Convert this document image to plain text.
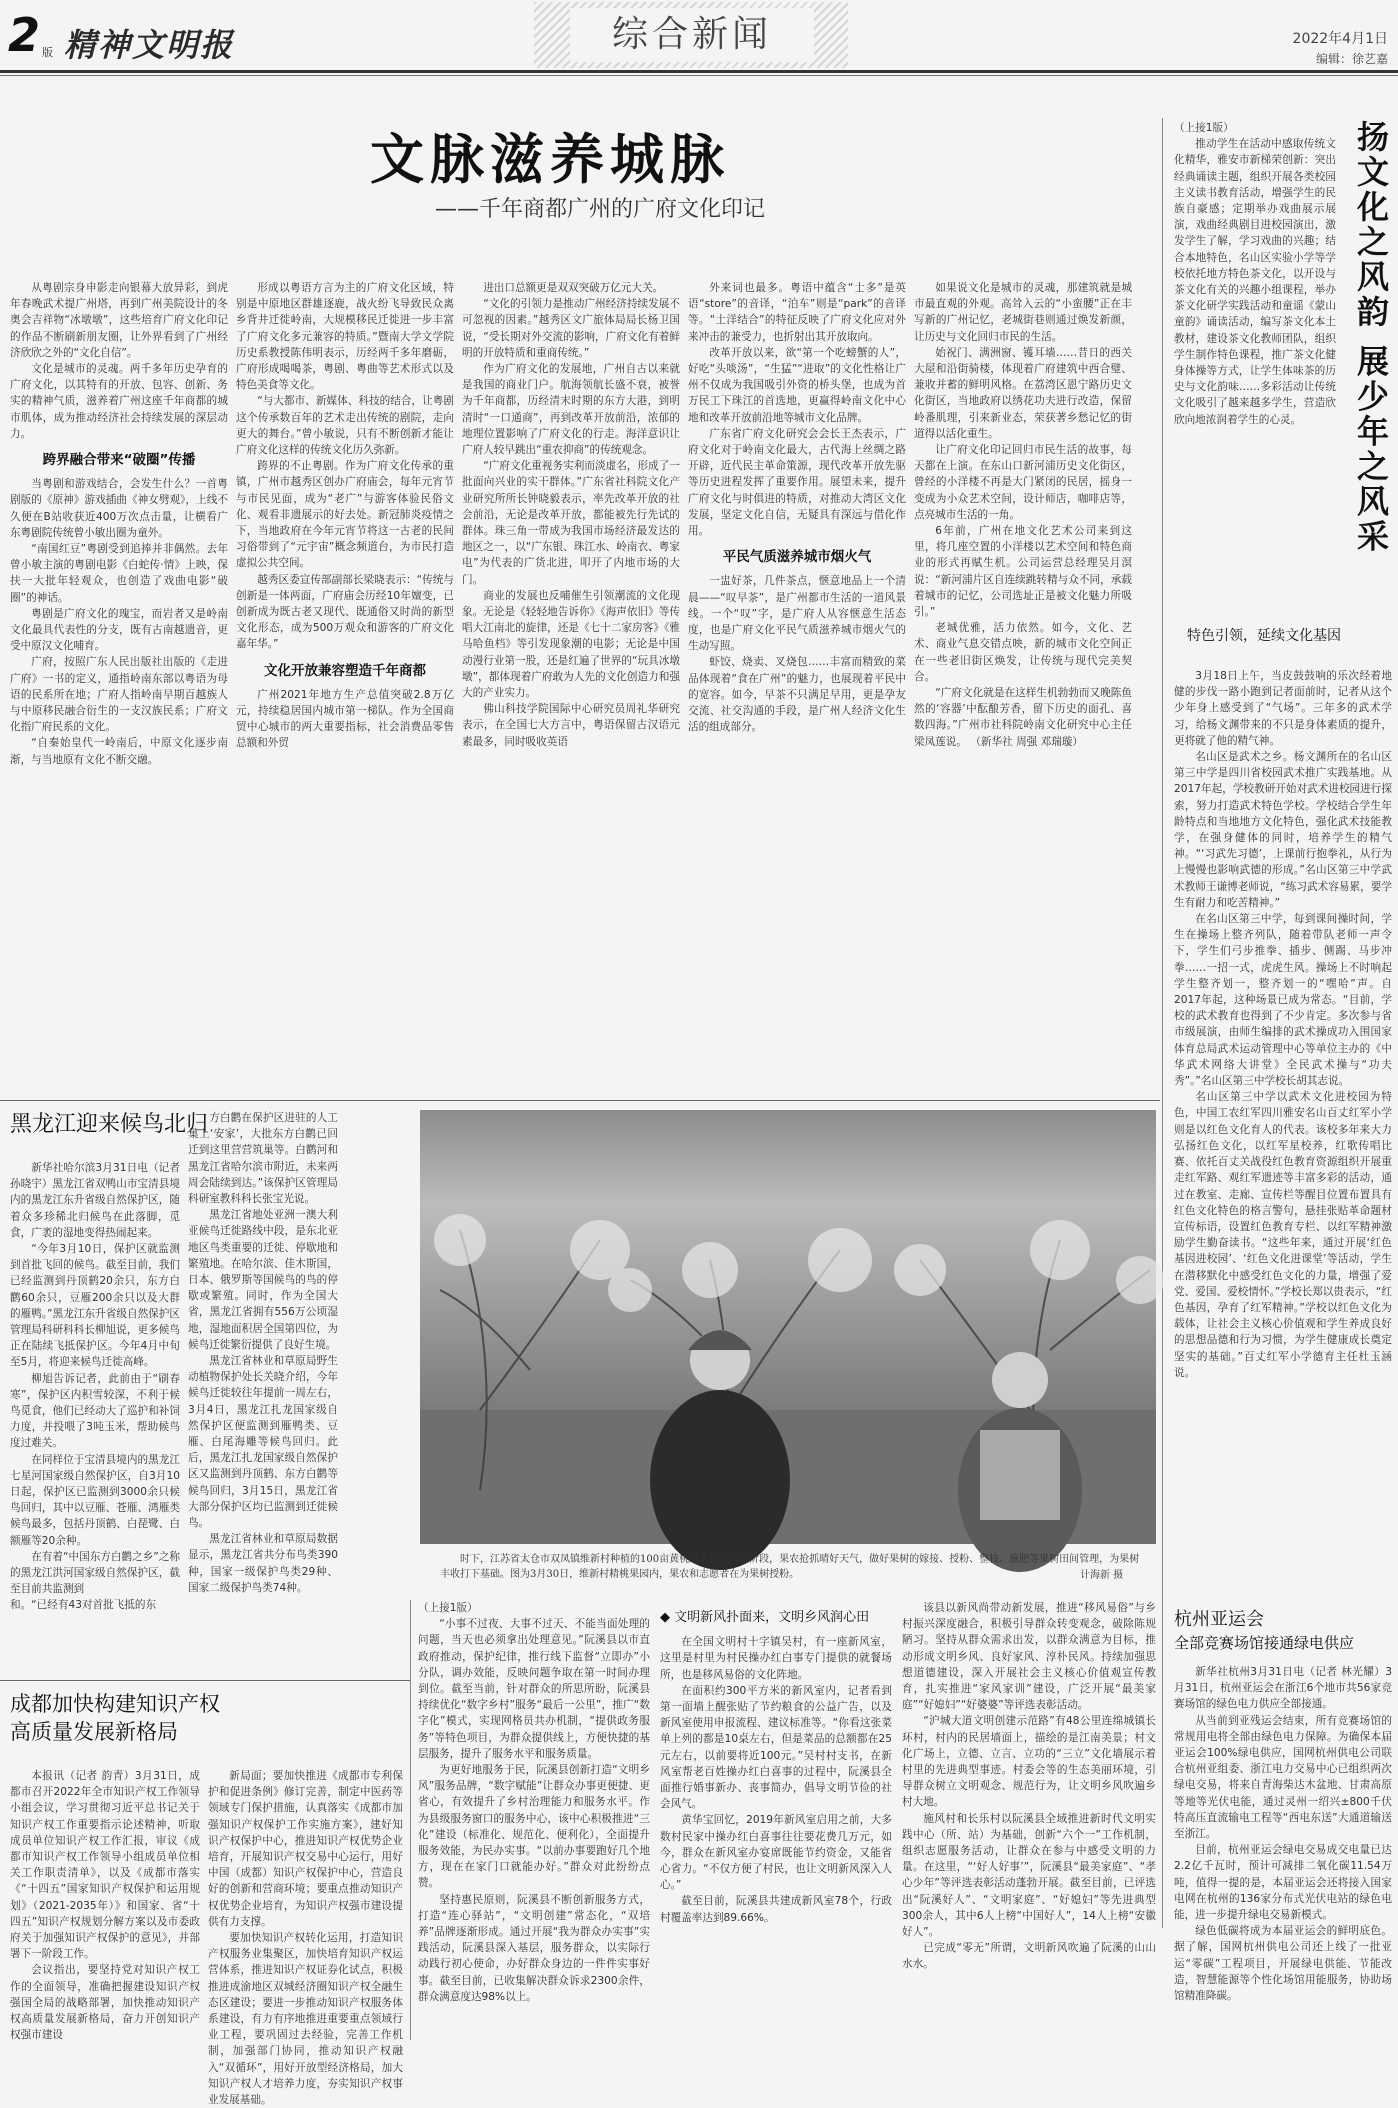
2 版 精神文明报	综合新闻	2022年4月1日
编辑：徐艺嘉
文脉滋养城脉
——千年商都广州的广府文化印记

从粤剧宗身申影走向银幕大放异彩，到虎年春晚武术提广州塔，再到广州美院设计的冬奥会吉祥物“冰墩墩”，这些培育广府文化印记的作品不断刷新朋友圈，让外界看到了广州经济欣欣之外的“文化自信”。

文化是城市的灵魂。两千多年历史孕育的广府文化，以其特有的开放、包容、创新、务实的精神气质，滋养着广州这座千年商都的城市肌体，成为推动经济社会持续发展的深层动力。

跨界融合带来“破圈”传播

当粤剧和游戏结合，会发生什么？一首粤剧版的《原神》游戏插曲《神女劈观》，上线不久便在B站收获近400万次点击量，让横看广东粤剧院传统曾小敏出圈为童外。

“南国红豆”粤剧受到追捧并非偶然。去年曾小敏主演的粤剧电影《白蛇传·情》上映，保扶一大批年轻观众，也创造了戏曲电影“破圈”的神话。

粤剧是广府文化的瑰宝，而岩者又是岭南文化最具代表性的分支，既有古南越遗音，更受中原汉文化哺育。

广府，按照广东人民出版社出版的《走进广府》一书的定义，通指岭南东部以粤语为母语的民系所在地；广府人指岭南早期百越族人与中原移民融合衍生的一支汉族民系；广府文化指广府民系的文化。

“自秦始皇代一岭南后，中原文化逐步南渐，与当地原有文化不断交融。

形成以粤语方言为主的广府文化区域，特别是中原地区群雄逐鹿，战火纷飞导致民众离乡背井迁徙岭南，大规模移民迁徙进一步丰富了广府文化多元兼容的特质。”暨南大学文学院历史系教授陈伟明表示，历经两千多年磨砺，广府形成喝喝茶，粤剧、粤曲等艺术形式以及特色美食等文化。

“与大都市、新媒体、科技的结合，让粤剧这个传承数百年的艺术走出传统的剧院，走向更大的舞台。”曾小敏说，只有不断创新才能让广府文化这样的传统文化历久弥新。

跨界的不止粤剧。作为广府文化传承的重镇，广州市越秀区创办广府庙会，每年元宵节与市民见面，成为“老广”与游客体验民俗文化、观看非遗展示的好去处。新冠肺炎疫情之下，当地政府在今年元宵节将这一古老的民间习俗带到了“元宇宙”概念频道台，为市民打造虚拟公共空间。

越秀区委宣传部副部长梁晓表示：“传统与创新是一体两面，广府庙会历经10年嬗变，已创新成为既古老又现代、既通俗又时尚的新型文化形态，成为500万观众和游客的广府文化嘉年华。”

文化开放兼容塑造千年商都

广州2021年地方生产总值突破2.8万亿元，持续稳居国内城市第一梯队。作为全国商贸中心城市的两大重要指标，社会消费品零售总额和外贸

进出口总额更是双双突破万亿元大关。

“文化的引领力是推动广州经济持续发展不可忽视的因素。”越秀区文广旅体局局长杨卫国说，“受长期对外交流的影响，广府文化有着鲜明的开放特质和重商传统。”

作为广府文化的发展地，广州自古以来就是我国的商业门户。航海领航长盛不衰，被誉为千年商都，历经清末时期的东方大港，到明清时“一口通商”，再到改革开放前沿，浓郁的地理位置影响了广府文化的行走。海洋意识让广府人较早跳出“重农抑商”的传统观念。

“广府文化重视务实利而淡虚名，形成了一批面向兴业的实干群体。”广东省社科院文化产业研究所所长钟晓毅表示，率先改革开放的社会前沿，无论是改革开放，都能被先行先试的群体。珠三角一带成为我国市场经济最发达的地区之一，以“广东银、珠江水、岭南衣、粤家电”为代表的广货北进，叩开了内地市场的大门。

商业的发展也反哺催生引领潮流的文化现象。无论是《轻轻地告诉你》《海声依旧》等传唱大江南北的旋律，还是《七十二家房客》《雅马哈鱼档》等引发现象潮的电影；无论是中国动漫行业第一股，还是红遍了世界的“玩具冰墩墩”，都体现着广府敢为人先的文化创造力和强大的产业实力。

佛山科技学院国际中心研究员周礼华研究表示，在全国七大方言中，粤语保留古汉语元素最多，同时吸收英语

外来词也最多。粤语中蕴含“士多”是英语“store”的音译，“泊车”则是“park”的音译等。“土洋结合”的特征反映了广府文化应对外来冲击的兼受力，也折射出其开放取向。

改革开放以来，欲“第一个吃螃蟹的人”，好吃“头啖汤”，“生猛”“进取”的文化性格让广州不仅成为我国吸引外资的桥头堡，也成为首万民工下珠江的首选地，更赢得岭南文化中心地和改革开放前沿地等城市文化品牌。

广东省广府文化研究会会长王杰表示，广府文化对于岭南文化最大，古代海上丝绸之路开辟，近代民主革命策源，现代改革开放先驱等历史进程发挥了重要作用。展望未来，提升广府文化与时俱进的特质，对推动大湾区文化发展，坚定文化自信，无疑具有深远与借化作用。

平民气质滋养城市烟火气

一盅好茶，几件茶点，惬意地品上一个清晨——“叹早茶”，是广州都市生活的一道风景线。一个“叹”字，是广府人从容惬意生活态度，也是广府文化平民气质滋养城市烟火气的生动写照。

虾饺、烧卖、叉烧包……丰富而精致的菜品体现着“食在广州”的魅力，也展现着平民中的宽容。如今，早茶不只满足早用，更是孕友交流、社交沟通的手段，是广州人经济文化生活的组成部分。

如果说文化是城市的灵魂，那建筑就是城市最直观的外观。高耸入云的“小蛮腰”正在丰写新的广州记忆，老城街巷则通过焕发新颜，让历史与文化回归市民的生活。

始祝门、满洲窗、镬耳墙……昔日的西关大屋和沿街骑楼，体现着广府建筑中西合璧、兼收并蓄的鲜明风格。在荔湾区恩宁路历史文化街区，当地政府以绣花功夫进行改造，保留岭番肌理，引来新业态，荣获著乡愁记忆的街道得以活化重生。

让广府文化印记回归市民生活的故事，每天都在上演。在东山口新河浦历史文化街区，曾经的小洋楼不再是大门紧闭的民居，摇身一变成为小众艺术空间，设计师店，咖啡店等，点亮城市生活的一角。

6年前，广州在地文化艺术公司来到这里，将几座空置的小洋楼以艺术空间和特色商业的形式再赋生机。公司运营总经理吴月溟说：“新河浦片区自连续跳转精与众不同，承载着城市的记忆，公司选址正是被文化魅力所吸引。”

老城优雅，活力依然。如今，文化、艺术、商业气息交错点映，新的城市文化空间正在一些老旧街区焕发，让传统与现代完美契合。

“广府文化就是在这样生机勃勃而又晚陈鱼然的‘容器’中酝酿芳香，留下历史的面孔、喜数四海。”广州市社科院岭南文化研究中心主任梁凤莲说。 （新华社 周强 邓瑞璇）

扬文化之风韵 展少年之风采

（上接1版）

推动学生在活动中感取传统文化精华，雅安市新梯荣创新：突出经典诵读主题，组织开展各类校园主义读书教育活动，增强学生的民族自豪感；定期举办戏曲展示展演，戏曲经典剧目进校园演出，激发学生了解，学习戏曲的兴趣；结合本地特色，名山区实验小学等学校依托地方特色茶文化，以开设与茶文化有关的兴趣小组课程，举办茶文化研学实践活动和童谣《蒙山童韵》诵读活动，编写茶文化本土教材，建设茶文化教师团队，组织学生制作特色课程，推广茶文化健身体操等方式，让学生体味茶的历史与文化韵味……多彩活动让传统文化吸引了越来越多学生，营造欣欣向地浓润着学生的心灵。

特色引领，延续文化基因

3月18日上午，当皮鼓鼓响的乐次经着地健的步伐一路小跑到记者面前时，记者从这个少年身上感受到了“气场”。三年多的武术学习，给杨文渊带来的不只是身体素质的提升，更将就了他的精气神。

名山区是武术之乡。杨文渊所在的名山区第三中学是四川省校园武术推广实践基地。从2017年起，学校教研开始对武术进校园进行探索，努力打造武术特色学校。学校结合学生年龄特点和当地地方文化特色，强化武术技能教学，在强身健体的同时，培养学生的精气神。“‘习武先习德’，上课前行抱拳礼，从行为上慢慢也影响武德的形成。”名山区第三中学武术教师王谦博老师说，“练习武术容易累，要学生有耐力和吃苦精神。”

在名山区第三中学，每到课间操时间，学生在操场上整齐列队，随着带队老师一声令下，学生们弓步推拳、插步、侧踢、马步冲拳……一招一式，虎虎生风。操场上不时响起学生整齐划一，整齐划一的“嘿哈”声。自2017年起，这种场景已成为常态。“目前，学校的武术教育也得到了不少肯定。多次参与省市级展演，由师生编排的武术操成功入围国家体育总局武术运动管理中心等单位主办的《中华武术网络大讲堂》全民武术操与“功夫秀”。”名山区第三中学校长胡其志说。

名山区第三中学以武术文化进校园为特色，中国工农红军四川雅安名山百丈红军小学则是以红色文化育人的代表。该校多年来大力弘扬红色文化，以红军星校养，红歌传唱比赛、依托百丈关战役红色教育资源组织开展重走红军路、观红军遗迹等丰富多彩的活动，通过在教室、走廊、宣传栏等醒目位置布置具有红色文化特色的格言警句，悬挂张贴革命题材宣传标语，设置红色教育专栏、以红军精神激励学生勤奋读书。“这些年来，通过开展‘红色基因进校园’、‘红色文化进课堂’等活动，学生在潜移默化中感受红色文化的力量，增强了爱党、爱国、爱校情怀。”学校长郑以贵表示，“红色基因，孕育了红军精神。”学校以红色文化为载体，让社会主义核心价值观和学生养成良好的思想品德和行为习惯，为学生健康成长奠定坚实的基础。”百丈红军小学德育主任杜玉涵说。

黑龙江迎来候鸟北归

新华社哈尔滨3月31日电（记者 孙晓宇）黑龙江省双鸭山市宝清县境内的黑龙江东升省级自然保护区，随着众多珍稀北归候鸟在此落脚，觅食，广袤的湿地变得热闹起来。

“今年3月10日，保护区就监测到首批飞回的候鸟。截至目前，我们已经监测到丹顶鹤20余只，东方白鹳60余只，豆雁200余只以及大群的雁鸭。”黑龙江东升省级自然保护区管理局科研科科长柳旭说，更多候鸟正在陆续飞抵保护区。今年4月中旬至5月，将迎来候鸟迁徙高峰。

柳旭告诉记者，此前由于“刷春寒”，保护区内积雪较深，不利于候鸟觅食，他们已经动大了巡护和补饲力度，并投喂了3吨玉米，帮助候鸟度过难关。

在同样位于宝清县境内的黑龙江七星河国家级自然保护区，自3月10日起，保护区已监测到3000余只候鸟回归，其中以豆雁、苍雁、鸿雁类候鸟最多，包括丹顶鹤、白琵鹭、白额雁等20余种。

在有着“中国东方白鹳之乡”之称的黑龙江洪河国家级自然保护区，截至目前共监测到

和。“已经有43对首批飞抵的东

方白鹳在保护区进驻的人工巢上‘安家’，大批东方白鹳已回迁到这里营营筑巢等。白鹳河和黑龙江省哈尔滨市附近，未来两周会陆续到达。”该保护区管理局科研室教科科长张宝光说。

黑龙江省地处亚洲一澳大利亚候鸟迁徙路线中段，是东北亚地区鸟类重要的迁徙、停歇地和繁殖地。在哈尔滨、佳木斯国，日本、俄罗斯等国候鸟的鸟的停歇或繁殖。同时，作为全国大省，黑龙江省拥有556万公顷湿地，湿地面积居全国第四位，为候鸟迁徙繁衍提供了良好生境。

黑龙江省林业和草原局野生动植物保护处长关晓介绍，今年候鸟迁徙较往年提前一周左右，3月4日，黑龙江扎龙国家级自然保护区便监测到雁鸭类、豆雁、白尾海雕等候鸟回归。此后，黑龙江扎龙国家级自然保护区又监测到丹顶鹤、东方白鹳等候鸟回归，3月15日，黑龙江省大部分保护区均已监测到迁徙候鸟。

黑龙江省林业和草原局数据显示，黑龙江省共分布鸟类390种，国家一级保护鸟类29种、国家二级保护鸟类74种。

时下，江苏省太仓市双凤镇维新村种植的100亩黄桃进入管理关键阶段，果农抢抓晴好天气，做好果树的嫁接、授粉、整枝、施肥等果树田间管理，为果树丰收打下基础。图为3月30日，维新村精桃果园内，果农和志愿者在为果树授粉。	计海新 摄
杭州亚运会
全部竞赛场馆接通绿电供应

新华社杭州3月31日电（记者 林光耀）3月31日，杭州亚运会在浙江6个地市共56家竞赛场馆的绿色电力供应全部接通。

从当前到亚残运会结束，所有竞赛场馆的常规用电将全部由绿色电力保障。为确保本届亚运会100%绿电供应，国网杭州供电公司联合杭州亚组委、浙江电力交易中心已组织两次绿电交易，将来自青海柴达木盆地、甘肃高原等地等光伏电能，通过灵州一绍兴±800千伏特高压直流输电工程等“西电东送”大通道输送至浙江。

目前，杭州亚运会绿电交易成交电量已达2.2亿千瓦时，预计可减排二氧化碳11.54万吨，值得一提的是，本届亚运会还将接入国家电网在杭州的136家分布式光伏电站的绿色电能，进一步提升绿电交易新模式。

绿色低碳将成为本届亚运会的鲜明底色。据了解，国网杭州供电公司还上线了一批亚运“零碳”工程项目，开展绿电供能、节能改造，智慧能源等个性化场馆用能服务，协助场馆精准降碳。

成都加快构建知识产权
高质量发展新格局

本报讯（记者 韵青）3月31日，成都市召开2022年全市知识产权工作领导小组会议，学习贯彻习近平总书记关于知识产权工作重要指示论述精神，听取成员单位知识产权工作汇报，审议《成都市知识产权工作领导小组成员单位相关工作职责清单》，以及《成都市落实《“十四五”国家知识产权保护和运用规划》（2021-2035年）》和国家、省“十四五”知识产权规划分解方案以及市委政府关于加强知识产权保护的意见》，并部署下一阶段工作。

会议指出，要坚持党对知识产权工作的全面领导，准确把握建设知识产权强国全局的战略部署，加快推动知识产权高质量发展新格局，奋力开创知识产权强市建设

新局面；要加快推进《成都市专利保护和促进条例》修订完善，制定中医药等领域专门保护措施，认真落实《成都市加强知识产权保护工作实施方案》，建好知识产权保护中心，推进知识产权优势企业培育，开展知识产权交易中心运行，用好中国（成都）知识产权保护中心，营造良好的创新和营商环境；要重点推动知识产权优势企业培育，为知识产权强市建设提供有力支撑。

要加快知识产权转化运用，打造知识产权服务业集聚区，加快培育知识产权运营体系，推进知识产权证券化试点，积极推进成渝地区双城经济圈知识产权全融生态区建设；要进一步推动知识产权服务体系建设，有力有序地推进重要重点领域行业工程，要巩固过去经验，完善工作机制，加强部门协同，推动知识产权融入“双循环”，用好开放型经济格局，加大知识产权人才培养力度，夯实知识产权事业发展基础。

（上接1版）

“小事不过夜、大事不过天、不能当面处理的问题，当天也必须拿出处理意见。”阮溪县以市直政府推动，保护纪律，推行线下监督“立即办”小分队，调办效能，反映问题争取在第一时间办理到位。截至当前，针对群众的所思所盼，阮溪县持续优化“数字乡村”服务“最后一公里”，推广“数字化”模式，实现网格员共办机制，“提供政务服务”等特色项目，为群众提供线上，方便快捷的基层服务，提升了服务水平和服务质量。

为更好地服务于民，阮溪县创新打造“文明乡风”服务品牌，“数字赋能”让群众办事更便捷、更省心，有效提升了乡村治理能力和服务水平。作为县级服务窗口的服务中心，该中心积极推进“三化”建设（标准化、规范化、便利化），全面提升服务效能，为民办实事。“以前办事要跑好几个地方，现在在家门口就能办好。”群众对此纷纷点赞。

坚持惠民原则，阮溪县不断创新服务方式，打造“连心驿站”，“文明创建”常态化，“双培养”品牌逐渐形成。通过开展“我为群众办实事”实践活动，阮溪县深入基层，服务群众，以实际行动践行初心使命，办好群众身边的一件件实事好事。截至目前，已收集解决群众诉求2300余件，群众满意度达98%以上。

◆ 文明新风扑面来，文明乡风润心田

在全国文明村十字镇吴村，有一座新风室，这里是村里为村民操办红白事专门提供的就餐场所，也是移风易俗的文化阵地。

在面积约300平方米的新风室内，记者看到第一面墙上醒张贴了节约粮食的公益广告，以及新风室使用申报流程、建议标准等。“你看这张菜单上列的都是10桌左右，但是菜品的总额都在25元左右，以前要将近100元。”吴村村支书，在新风室帮老百姓操办红白喜事的过程中，阮溪县全面推行婚事新办、丧事简办，倡导文明节俭的社会风气。

黄华宝回忆，2019年新风室启用之前，大多数村民家中操办红白喜事往往要花费几万元，如今，群众在新风室办宴席既能节约资金，又能省心省力。“不仅方便了村民，也让文明新风深入人心。”

截至目前，阮溪县共建成新风室78个，行政村覆盖率达到89.66%。

该县以新风尚带动新发展，推进“移风易俗”与乡村振兴深度融合，积极引导群众转变观念，破除陈规陋习。坚持从群众需求出发，以群众满意为目标，推动形成文明乡风、良好家风、淳朴民风。持续加强思想道德建设，深入开展社会主义核心价值观宣传教育，扎实推进“家风家训”建设，广泛开展“最美家庭”“好媳妇”“好婆婆”等评选表彰活动。

“沪城大道文明创建示范路”有48公里连绵城镇长环村，村内的民居墙面上，描绘的是江南美景；村文化广场上，立德、立言、立功的“三立”文化墙展示着村里的先进典型事迹。村委会等的生态美丽环境，引导群众树立文明观念、规范行为，让文明乡风吹遍乡村大地。

施风村和长乐村以阮溪县全域推进新时代文明实践中心（所、站）为基础，创新“六个一”工作机制，组织志愿服务活动，让群众在参与中感受文明的力量。在这里，“‘好人好事’”，阮溪县“最美家庭”、“孝心少年”等评选表彰活动蓬勃开展。截至目前，已评选出“阮溪好人”、“文明家庭”、“好媳妇”等先进典型300余人，其中6人上榜“中国好人”，14人上榜“安徽好人”。

已完成“零无”所谓，文明新风吹遍了阮溪的山山水水。
